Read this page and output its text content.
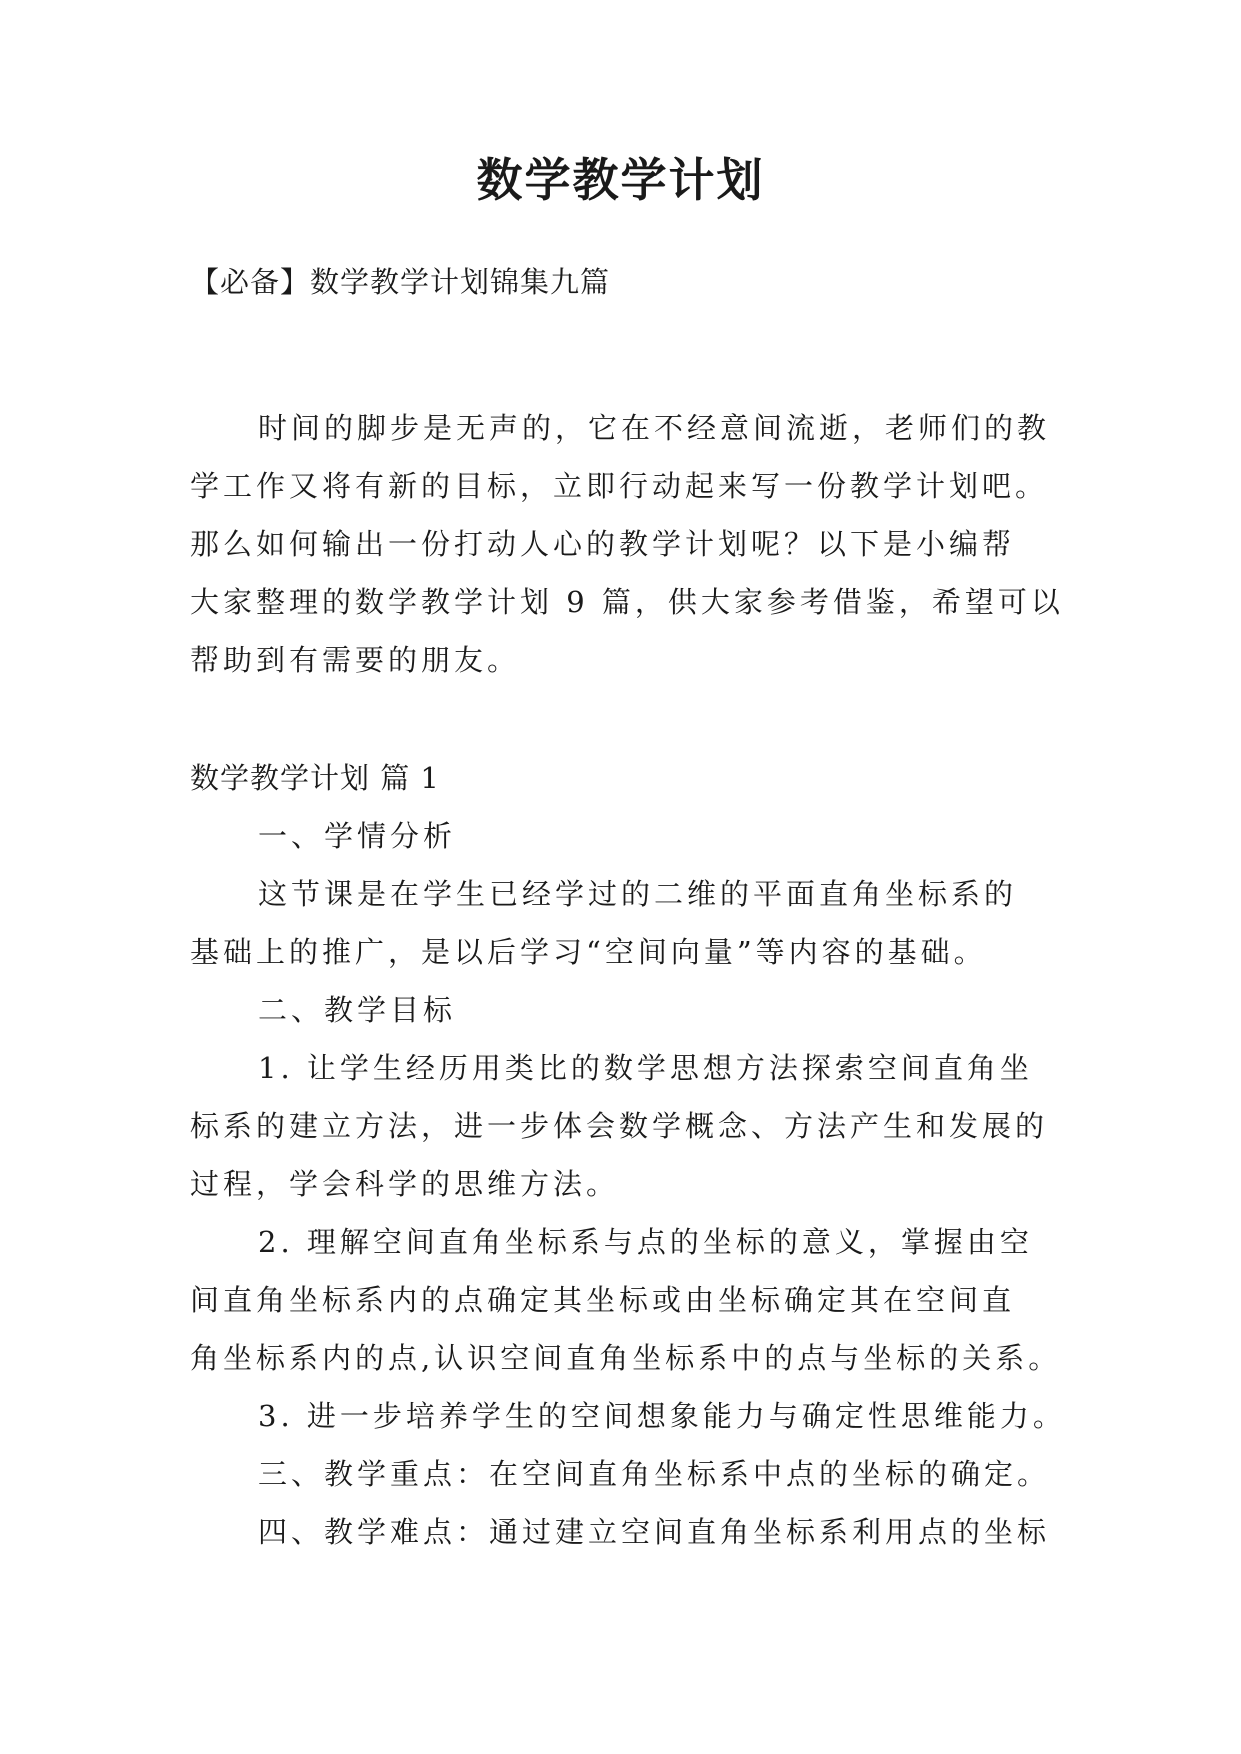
数学教学计划
【必备】数学教学计划锦集九篇
时间的脚步是无声的，它在不经意间流逝，老师们的教
学工作又将有新的目标，立即行动起来写一份教学计划吧。
那么如何输出一份打动人心的教学计划呢？以下是小编帮
大家整理的数学教学计划 9 篇，供大家参考借鉴，希望可以
帮助到有需要的朋友。
数学教学计划 篇 1
一、学情分析
这节课是在学生已经学过的二维的平面直角坐标系的
基础上的推广，是以后学习“空间向量”等内容的基础。
二、教学目标
1. 让学生经历用类比的数学思想方法探索空间直角坐
标系的建立方法，进一步体会数学概念、方法产生和发展的
过程，学会科学的思维方法。
2. 理解空间直角坐标系与点的坐标的意义，掌握由空
间直角坐标系内的点确定其坐标或由坐标确定其在空间直
角坐标系内的点,认识空间直角坐标系中的点与坐标的关系。
3. 进一步培养学生的空间想象能力与确定性思维能力。
三、教学重点：在空间直角坐标系中点的坐标的确定。
四、教学难点：通过建立空间直角坐标系利用点的坐标
